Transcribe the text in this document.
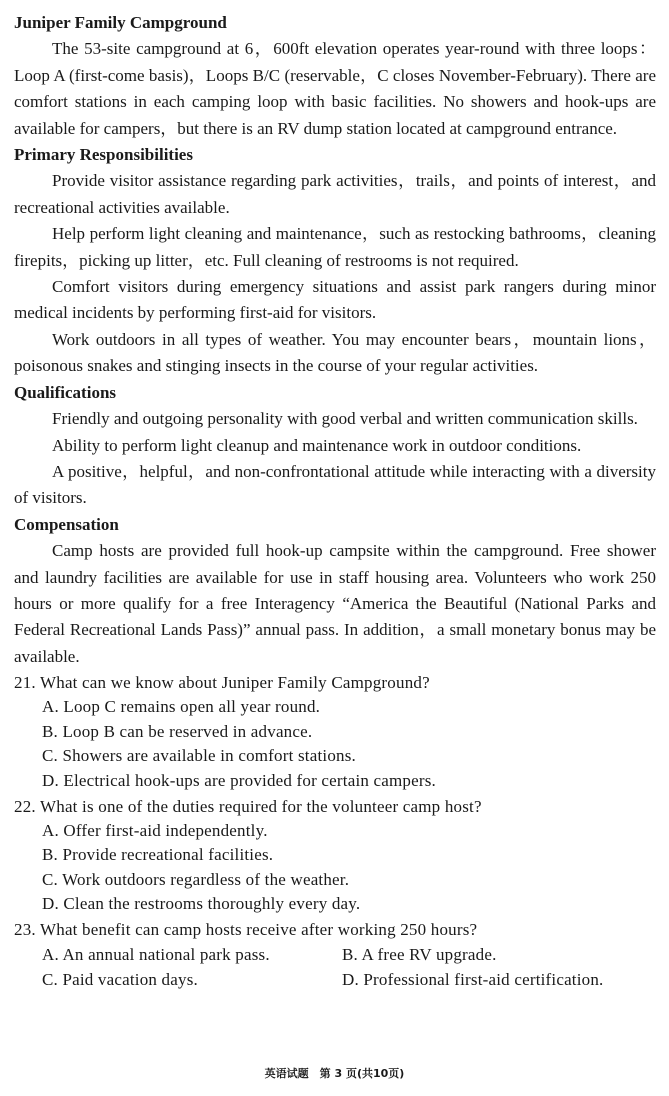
Juniper Family Campground

The 53-site campground at 6，600ft elevation operates year-round with three loops：Loop A (first-come basis)，Loops B/C (reservable，C closes November-February). There are comfort stations in each camping loop with basic facilities. No showers and hook-ups are available for campers，but there is an RV dump station located at campground entrance.

Primary Responsibilities

Provide visitor assistance regarding park activities，trails，and points of interest，and recreational activities available.

Help perform light cleaning and maintenance，such as restocking bathrooms，cleaning firepits，picking up litter，etc. Full cleaning of restrooms is not required.

Comfort visitors during emergency situations and assist park rangers during minor medical incidents by performing first-aid for visitors.

Work outdoors in all types of weather. You may encounter bears，mountain lions，poisonous snakes and stinging insects in the course of your regular activities.

Qualifications

Friendly and outgoing personality with good verbal and written communication skills.

Ability to perform light cleanup and maintenance work in outdoor conditions.

A positive，helpful，and non-confrontational attitude while interacting with a diversity of visitors.

Compensation

Camp hosts are provided full hook-up campsite within the campground. Free shower and laundry facilities are available for use in staff housing area. Volunteers who work 250 hours or more qualify for a free Interagency “America the Beautiful (National Parks and Federal Recreational Lands Pass)” annual pass. In addition，a small monetary bonus may be available.

21. What can we know about Juniper Family Campground?

A. Loop C remains open all year round.

B. Loop B can be reserved in advance.

C. Showers are available in comfort stations.

D. Electrical hook-ups are provided for certain campers.

22. What is one of the duties required for the volunteer camp host?

A. Offer first-aid independently.

B. Provide recreational facilities.

C. Work outdoors regardless of the weather.

D. Clean the restrooms thoroughly every day.

23. What benefit can camp hosts receive after working 250 hours?

A. An annual national park pass.	B. A free RV upgrade.
C. Paid vacation days.	D. Professional first-aid certification.
英语试题　第 3 页(共10页)
